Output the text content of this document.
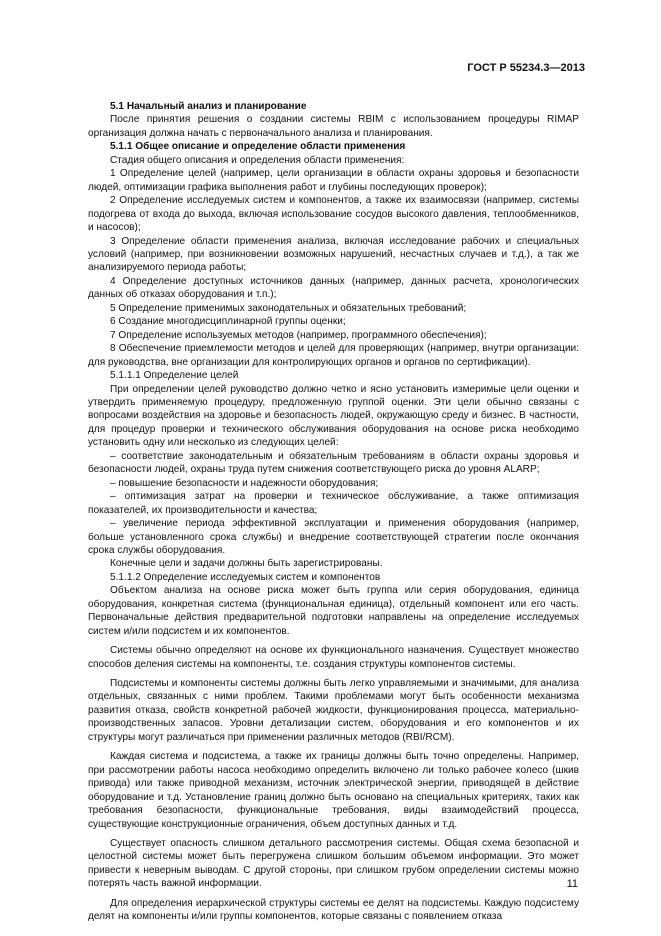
ГОСТ Р 55234.3—2013

5.1 Начальный анализ и планирование

После принятия решения о создании системы RBIM с использованием процедуры RIMAP организация должна начать с первоначального анализа и планирования.

5.1.1 Общее описание и определение области применения

Стадия общего описания и определения области применения:

1 Определение целей (например, цели организации в области охраны здоровья и безопасности людей, оптимизации графика выполнения работ и глубины последующих проверок);

2 Определение исследуемых систем и компонентов, а также их взаимосвязи (например, системы подогрева от входа до выхода, включая использование сосудов высокого давления, теплообменников, и насосов);

3 Определение области применения анализа, включая исследование рабочих и специальных условий (например, при возникновении возможных нарушений, несчастных случаев и т.д.), а так же анализируемого периода работы;

4 Определение доступных источников данных (например, данных расчета, хронологических данных об отказах оборудования и т.п.);

5 Определение применимых законодательных и обязательных требований;

6 Создание многодисциплинарной группы оценки;

7 Определение используемых методов (например, программного обеспечения);

8 Обеспечение приемлемости методов и целей для проверяющих (например, внутри организации: для руководства, вне организации для контролирующих органов и органов по сертификации).

5.1.1.1 Определение целей

При определении целей руководство должно четко и ясно установить измеримые цели оценки и утвердить применяемую процедуру, предложенную группой оценки. Эти цели обычно связаны с вопросами воздействия на здоровье и безопасность людей, окружающую среду и бизнес. В частности, для процедур проверки и технического обслуживания оборудования на основе риска необходимо установить одну или несколько из следующих целей:

– соответствие законодательным и обязательным требованиям в области охраны здоровья и безопасности людей, охраны труда путем снижения соответствующего риска до уровня ALARP;

– повышение безопасности и надежности оборудования;

– оптимизация затрат на проверки и техническое обслуживание, а также оптимизация показателей, их производительности и качества;

– увеличение периода эффективной эксплуатации и применения оборудования (например, больше установленного срока службы) и внедрение соответствующей стратегии после окончания срока службы оборудования.

Конечные цели и задачи должны быть зарегистрированы.

5.1.1.2 Определение исследуемых систем и компонентов

Объектом анализа на основе риска может быть группа или серия оборудования, единица оборудования, конкретная система (функциональная единица), отдельный компонент или его часть. Первоначальные действия предварительной подготовки направлены на определение исследуемых систем и/или подсистем и их компонентов.

Системы обычно определяют на основе их функционального назначения. Существует множество способов деления системы на компоненты, т.е. создания структуры компонентов системы.

Подсистемы и компоненты системы должны быть легко управляемыми и значимыми, для анализа отдельных, связанных с ними проблем. Такими проблемами могут быть особенности механизма развития отказа, свойств конкретной рабочей жидкости, функционирования процесса, материально-производственных запасов. Уровни детализации систем, оборудования и его компонентов и их структуры могут различаться при применении различных методов (RBI/RCM).

Каждая система и подсистема, а также их границы должны быть точно определены. Например, при рассмотрении работы насоса необходимо определить включено ли только рабочее колесо (шкив привода) или также приводной механизм, источник электрической энергии, приводящей в действие оборудование и т.д. Установление границ должно быть основано на специальных критериях, таких как требования безопасности, функциональные требования, виды взаимодействий процесса, существующие конструкционные ограничения, объем доступных данных и т.д.

Существует опасность слишком детального рассмотрения системы. Общая схема безопасной и целостной системы может быть перегружена слишком большим объемом информации. Это может привести к неверным выводам. С другой стороны, при слишком грубом определении системы можно потерять часть важной информации.

Для определения иерархической структуры системы ее делят на подсистемы. Каждую подсистему делят на компоненты и/или группы компонентов, которые связаны с появлением отказа

11
